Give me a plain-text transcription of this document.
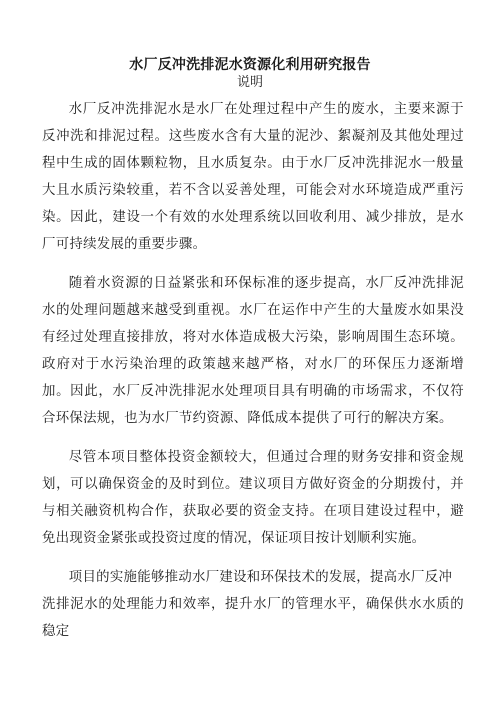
水厂反冲洗排泥水资源化利用研究报告
说明

水厂反冲洗排泥水是水厂在处理过程中产生的废水，主要来源于反冲洗和排泥过程。这些废水含有大量的泥沙、絮凝剂及其他处理过程中生成的固体颗粒物，且水质复杂。由于水厂反冲洗排泥水一般量大且水质污染较重，若不含以妥善处理，可能会对水环境造成严重污染。因此，建设一个有效的水处理系统以回收利用、减少排放，是水厂可持续发展的重要步骤。

随着水资源的日益紧张和环保标准的逐步提高，水厂反冲洗排泥水的处理问题越来越受到重视。水厂在运作中产生的大量废水如果没有经过处理直接排放，将对水体造成极大污染，影响周围生态环境。政府对于水污染治理的政策越来越严格，对水厂的环保压力逐渐增加。因此，水厂反冲洗排泥水处理项目具有明确的市场需求，不仅符合环保法规，也为水厂节约资源、降低成本提供了可行的解决方案。

尽管本项目整体投资金额较大，但通过合理的财务安排和资金规划，可以确保资金的及时到位。建议项目方做好资金的分期拨付，并与相关融资机构合作，获取必要的资金支持。在项目建设过程中，避免出现资金紧张或投资过度的情况，保证项目按计划顺利实施。

项目的实施能够推动水厂建设和环保技术的发展，提高水厂反冲
洗排泥水的处理能力和效率，提升水厂的管理水平，确保供水水质的稳定
